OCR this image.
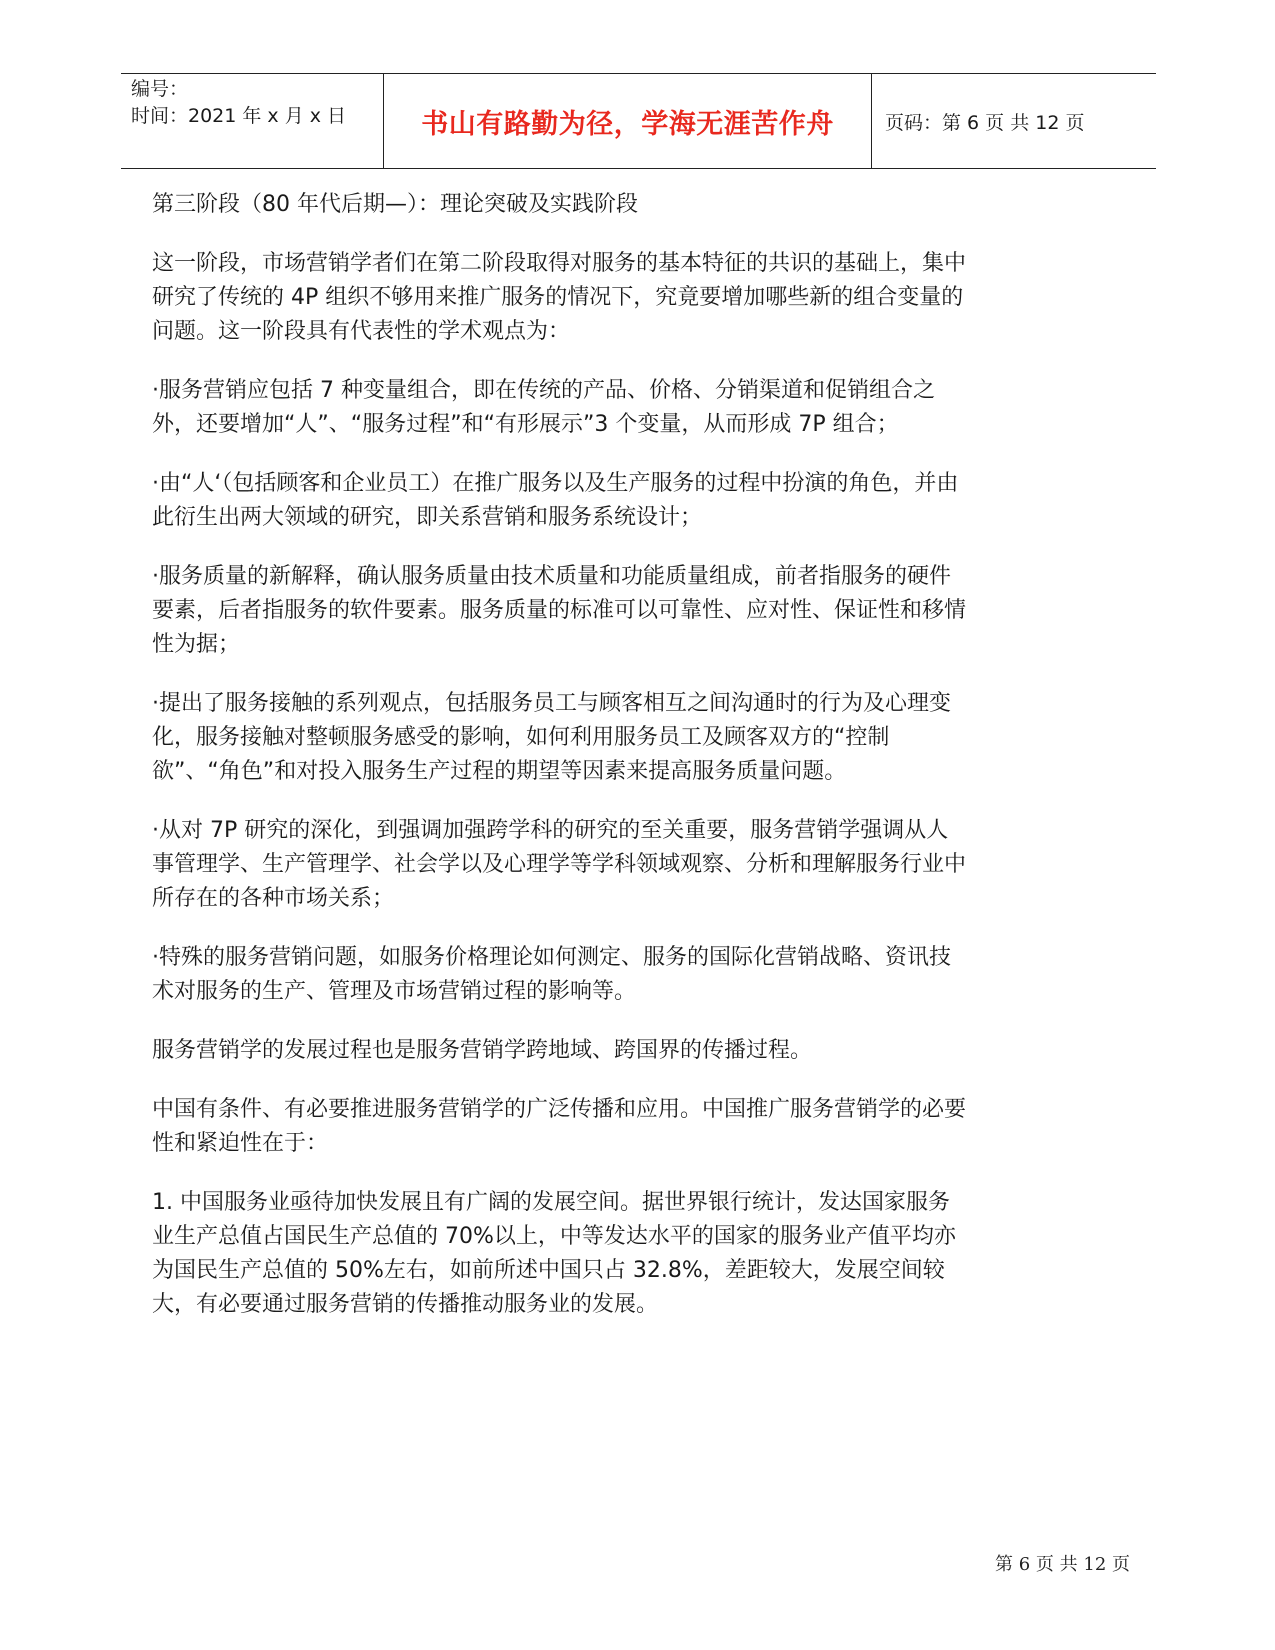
编号：
时间：2021 年 x 月 x 日	书山有路勤为径，学海无涯苦作舟	页码：第 6 页 共 12 页

第三阶段（80 年代后期—）：理论突破及实践阶段

这一阶段，市场营销学者们在第二阶段取得对服务的基本特征的共识的基础上，集中研究了传统的 4P 组织不够用来推广服务的情况下，究竟要增加哪些新的组合变量的问题。这一阶段具有代表性的学术观点为：

·服务营销应包括 7 种变量组合，即在传统的产品、价格、分销渠道和促销组合之外，还要增加“人”、“服务过程”和“有形展示”3 个变量，从而形成 7P 组合；

·由“人‘（包括顾客和企业员工）在推广服务以及生产服务的过程中扮演的角色，并由此衍生出两大领域的研究，即关系营销和服务系统设计；

·服务质量的新解释，确认服务质量由技术质量和功能质量组成，前者指服务的硬件要素，后者指服务的软件要素。服务质量的标准可以可靠性、应对性、保证性和移情性为据；

·提出了服务接触的系列观点，包括服务员工与顾客相互之间沟通时的行为及心理变化，服务接触对整顿服务感受的影响，如何利用服务员工及顾客双方的“控制欲”、“角色”和对投入服务生产过程的期望等因素来提高服务质量问题。

·从对 7P 研究的深化，到强调加强跨学科的研究的至关重要，服务营销学强调从人事管理学、生产管理学、社会学以及心理学等学科领域观察、分析和理解服务行业中所存在的各种市场关系；

·特殊的服务营销问题，如服务价格理论如何测定、服务的国际化营销战略、资讯技术对服务的生产、管理及市场营销过程的影响等。

服务营销学的发展过程也是服务营销学跨地域、跨国界的传播过程。

中国有条件、有必要推进服务营销学的广泛传播和应用。中国推广服务营销学的必要性和紧迫性在于：

1. 中国服务业亟待加快发展且有广阔的发展空间。据世界银行统计，发达国家服务业生产总值占国民生产总值的 70%以上，中等发达水平的国家的服务业产值平均亦为国民生产总值的 50%左右，如前所述中国只占 32.8%，差距较大，发展空间较大，有必要通过服务营销的传播推动服务业的发展。

第 6 页 共 12 页
